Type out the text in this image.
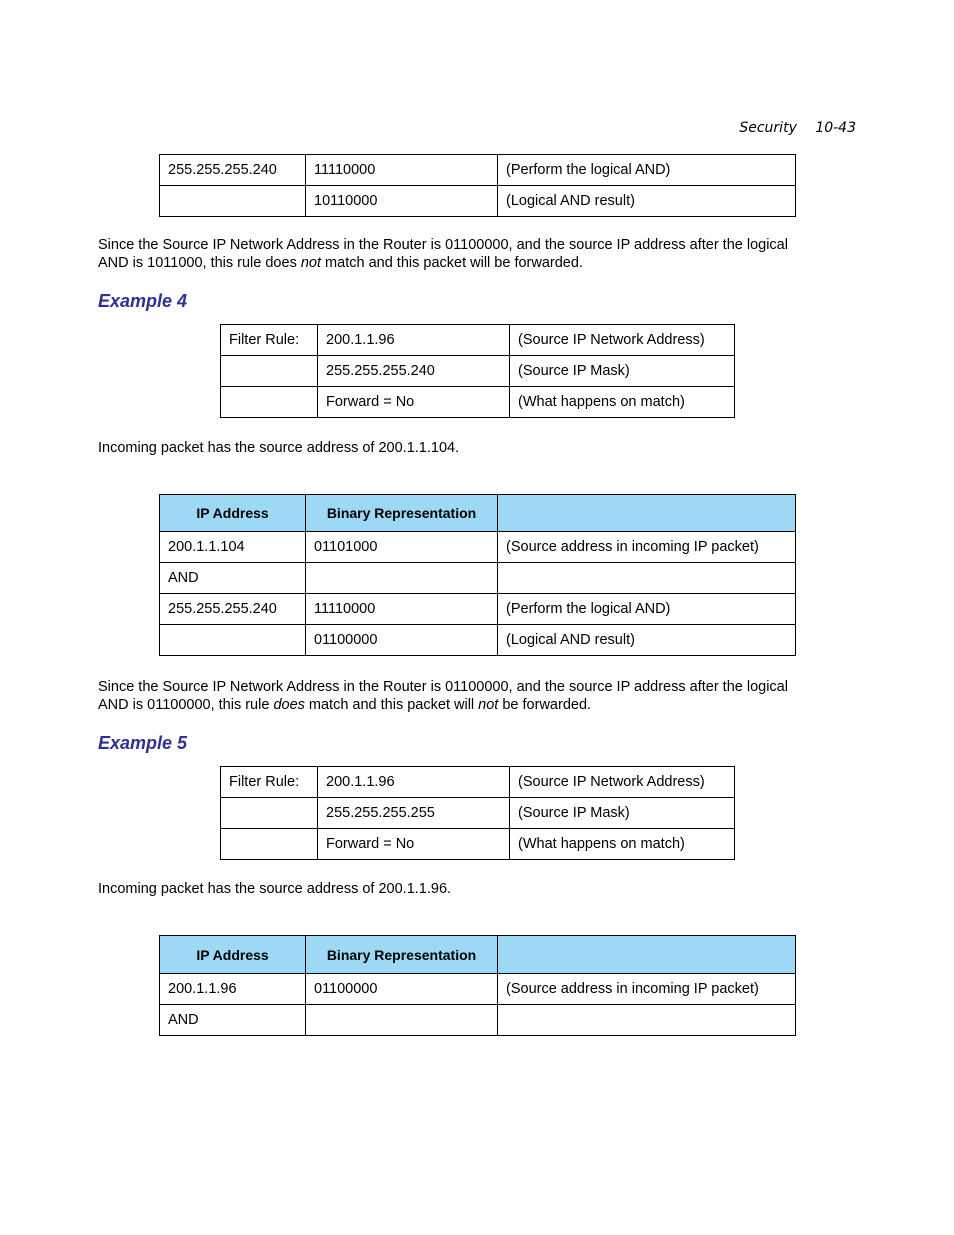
Security 10-43
255.255.255.240	11110000	(Perform the logical AND)
	10110000	(Logical AND result)
Since the Source IP Network Address in the Router is 01100000, and the source IP address after the logical
AND is 1011000, this rule does not match and this packet will be forwarded.
Example 4
Filter Rule:	200.1.1.96	(Source IP Network Address)
	255.255.255.240	(Source IP Mask)
	Forward = No	(What happens on match)
Incoming packet has the source address of 200.1.1.104.
IP Address	Binary Representation	
200.1.1.104	01101000	(Source address in incoming IP packet)
AND		
255.255.255.240	11110000	(Perform the logical AND)
	01100000	(Logical AND result)
Since the Source IP Network Address in the Router is 01100000, and the source IP address after the logical
AND is 01100000, this rule does match and this packet will not be forwarded.
Example 5
Filter Rule:	200.1.1.96	(Source IP Network Address)
	255.255.255.255	(Source IP Mask)
	Forward = No	(What happens on match)
Incoming packet has the source address of 200.1.1.96.
IP Address	Binary Representation	
200.1.1.96	01100000	(Source address in incoming IP packet)
AND		
